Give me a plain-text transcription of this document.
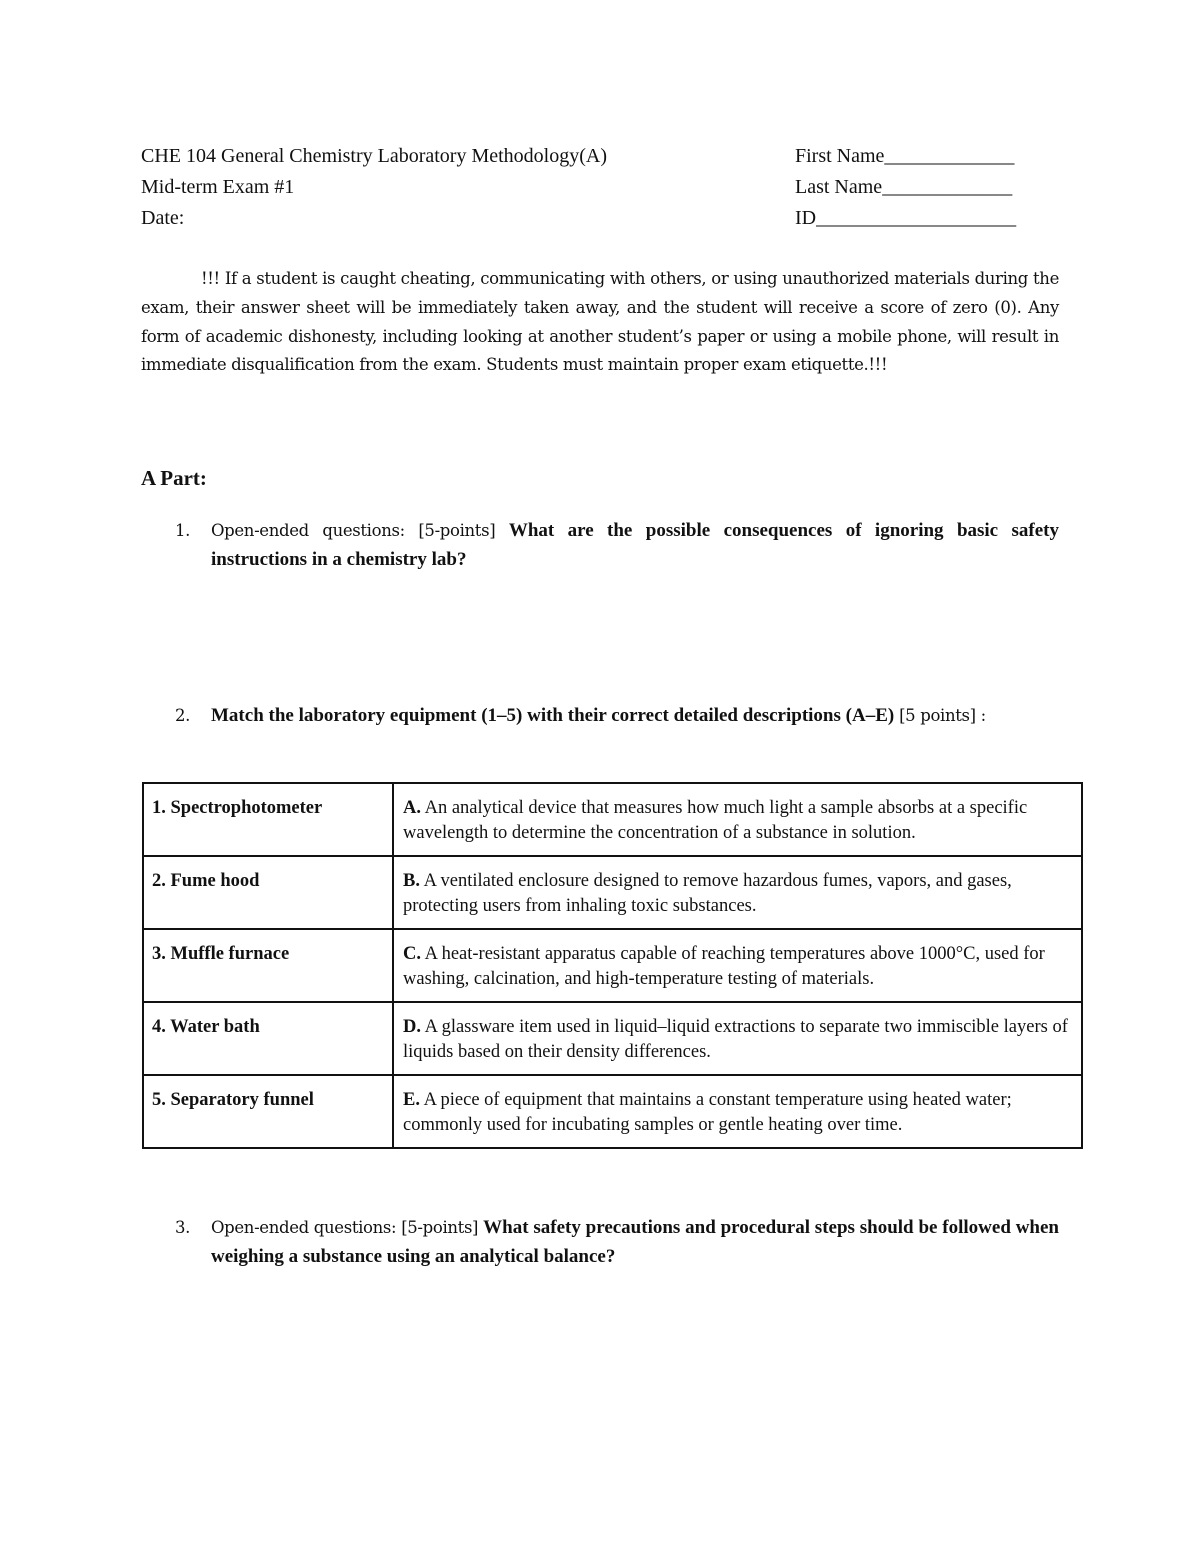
CHE 104 General Chemistry Laboratory Methodology(A)
Mid-term Exam #1
Date:
First Name_____________
Last Name_____________
ID____________________
!!! If a student is caught cheating, communicating with others, or using unauthorized materials during the exam, their answer sheet will be immediately taken away, and the student will receive a score of zero (0). Any form of academic dishonesty, including looking at another student’s paper or using a mobile phone, will result in immediate disqualification from the exam. Students must maintain proper exam etiquette.!!!
A Part:
1. Open-ended questions: [5-points] What are the possible consequences of ignoring basic safety instructions in a chemistry lab?
2. Match the laboratory equipment (1–5) with their correct detailed descriptions (A–E) [5 points] :
1. Spectrophotometer	A. An analytical device that measures how much light a sample absorbs at a specific wavelength to determine the concentration of a substance in solution.
2. Fume hood	B. A ventilated enclosure designed to remove hazardous fumes, vapors, and gases, protecting users from inhaling toxic substances.
3. Muffle furnace	C. A heat-resistant apparatus capable of reaching temperatures above 1000°C, used for washing, calcination, and high-temperature testing of materials.
4. Water bath	D. A glassware item used in liquid–liquid extractions to separate two immiscible layers of liquids based on their density differences.
5. Separatory funnel	E. A piece of equipment that maintains a constant temperature using heated water; commonly used for incubating samples or gentle heating over time.
3. Open-ended questions: [5-points] What safety precautions and procedural steps should be followed when weighing a substance using an analytical balance?
